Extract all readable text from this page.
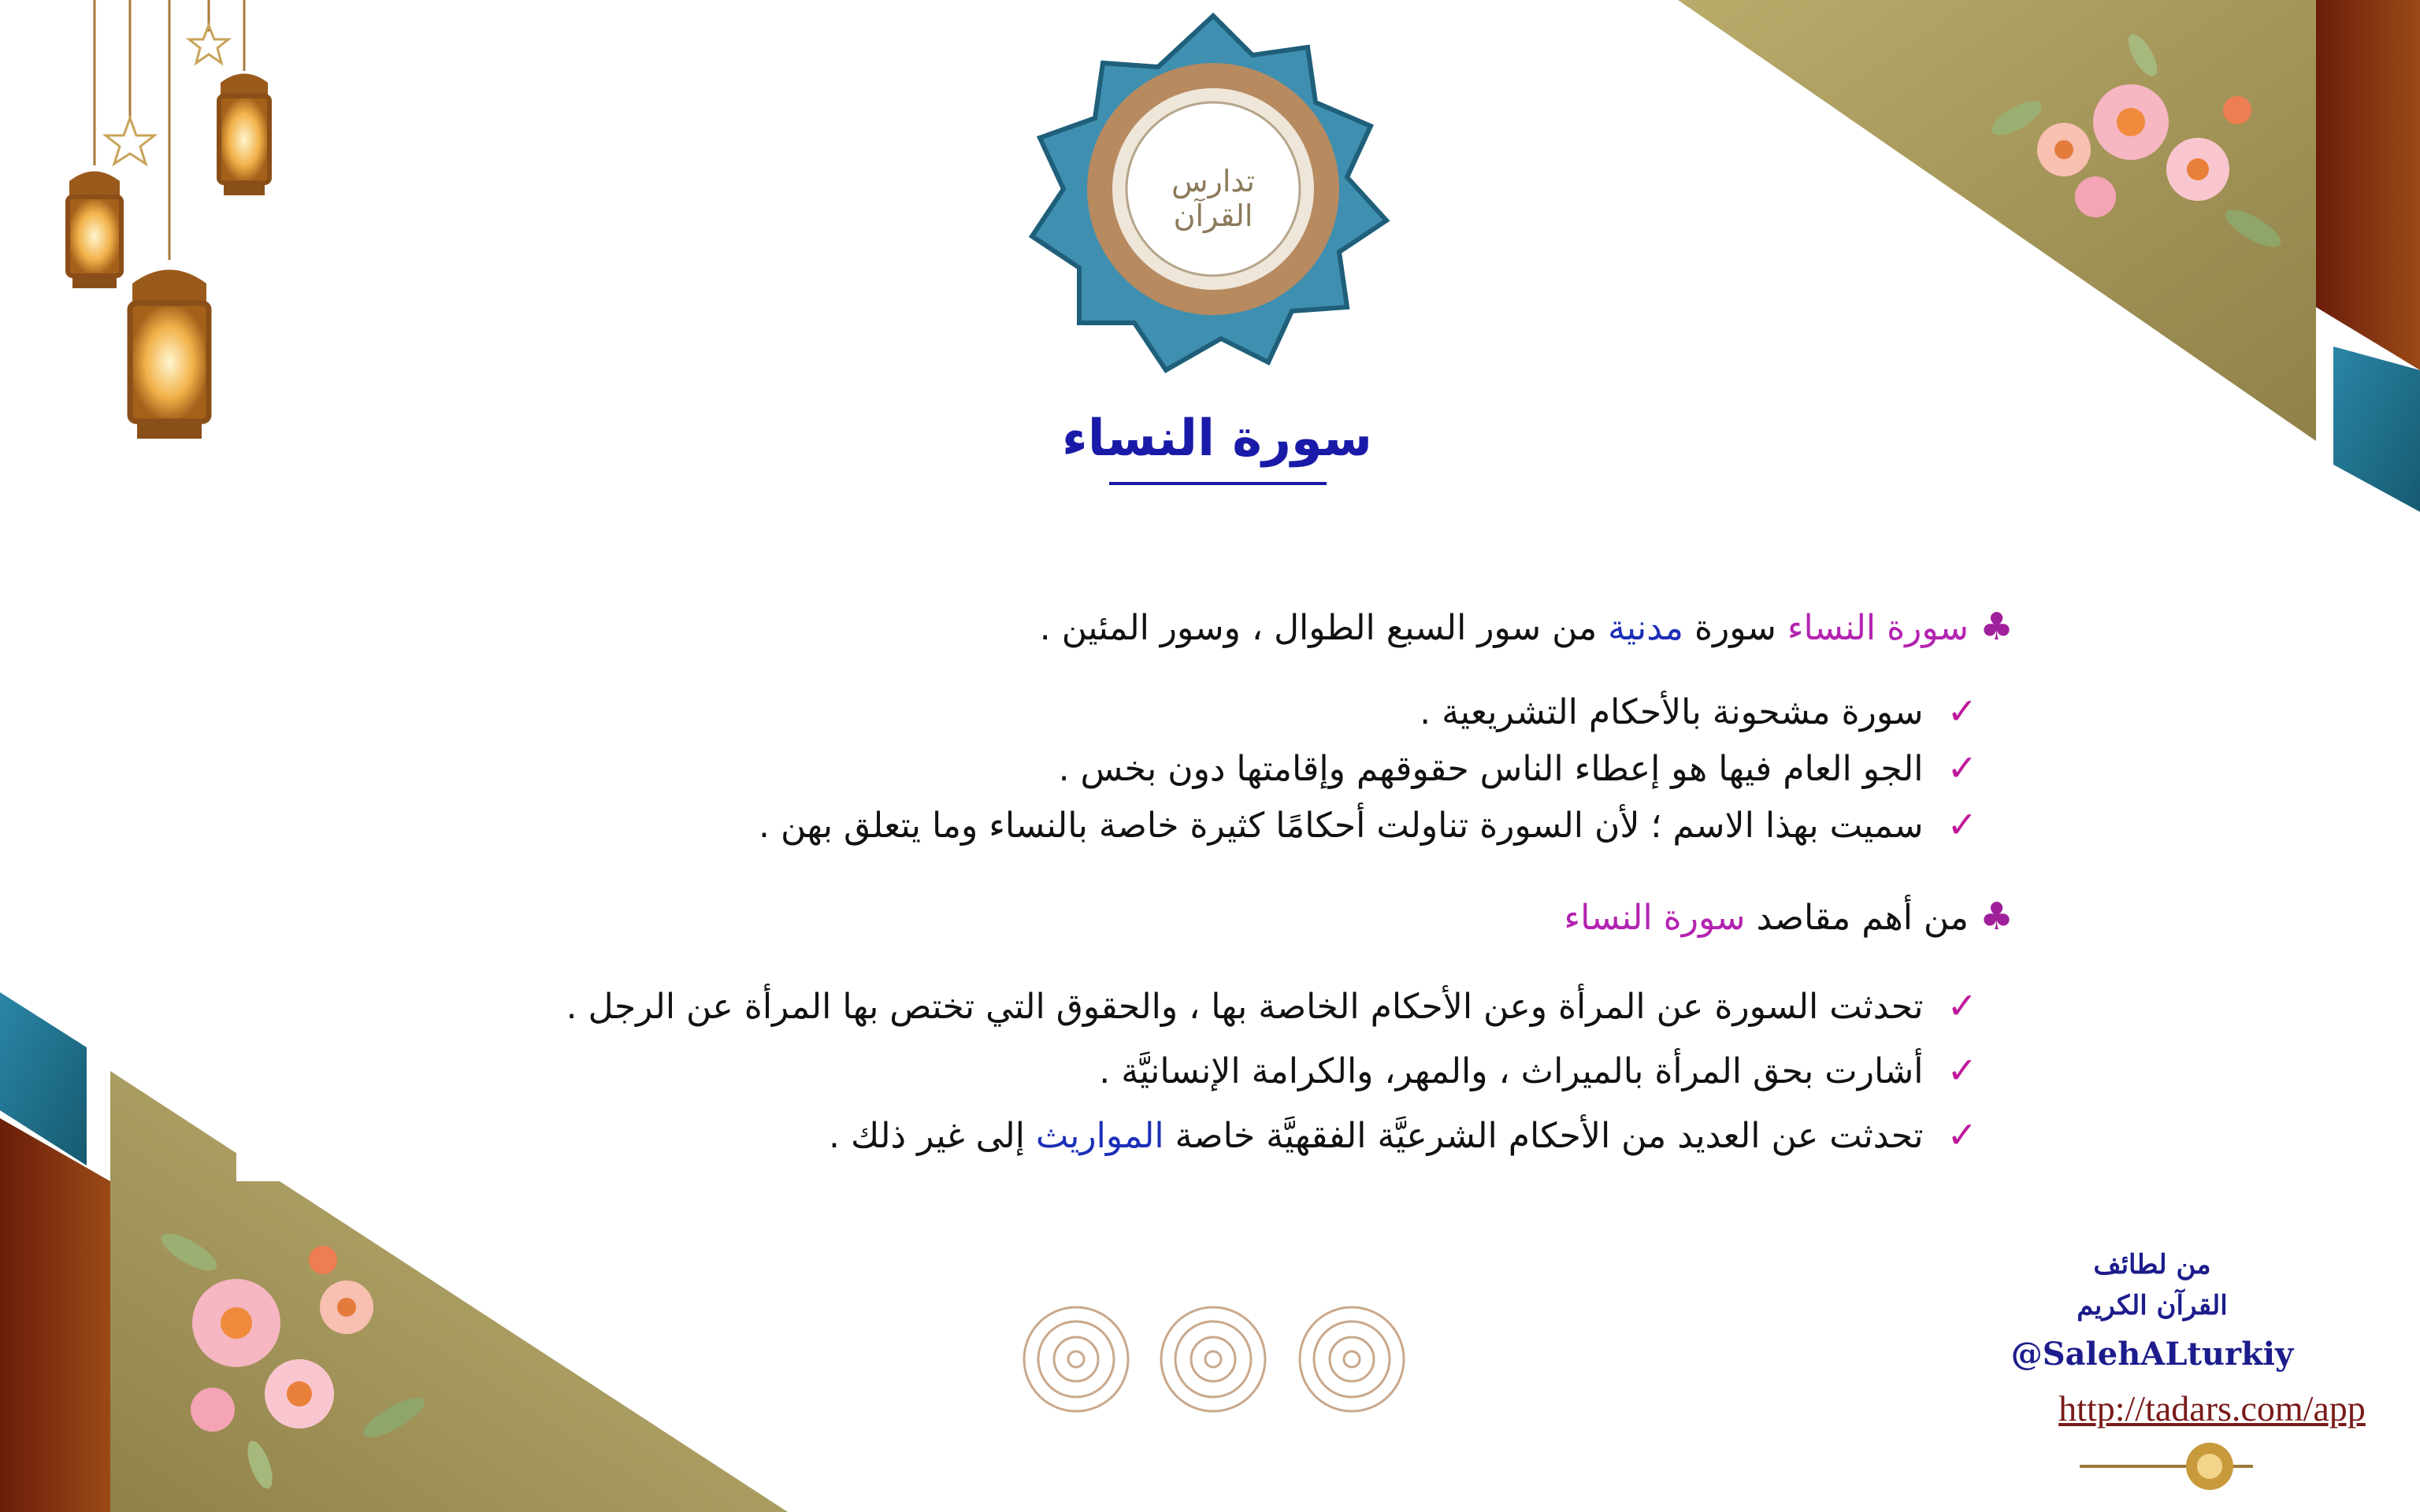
تدارس القرآن
سورة النساء
♣سورة النساء سورة مدنية من سور السبع الطوال ، وسور المئين .
✓سورة مشحونة بالأحكام التشريعية .
✓الجو العام فيها هو إعطاء الناس حقوقهم وإقامتها دون بخس .
✓سميت بهذا الاسم ؛ لأن السورة تناولت أحكامًا كثيرة خاصة بالنساء وما يتعلق بهن .
♣من أهم مقاصد سورة النساء
✓تحدثت السورة عن المرأة وعن الأحكام الخاصة بها ، والحقوق التي تختص بها المرأة عن الرجل .
✓أشارت بحق المرأة بالميراث ، والمهر، والكرامة الإنسانيَّة .
✓تحدثت عن العديد من الأحكام الشرعيَّة الفقهيَّة خاصة المواريث إلى غير ذلك .
من لطائف
القرآن الكريم
@SalehALturkiy
http://tadars.com/app
